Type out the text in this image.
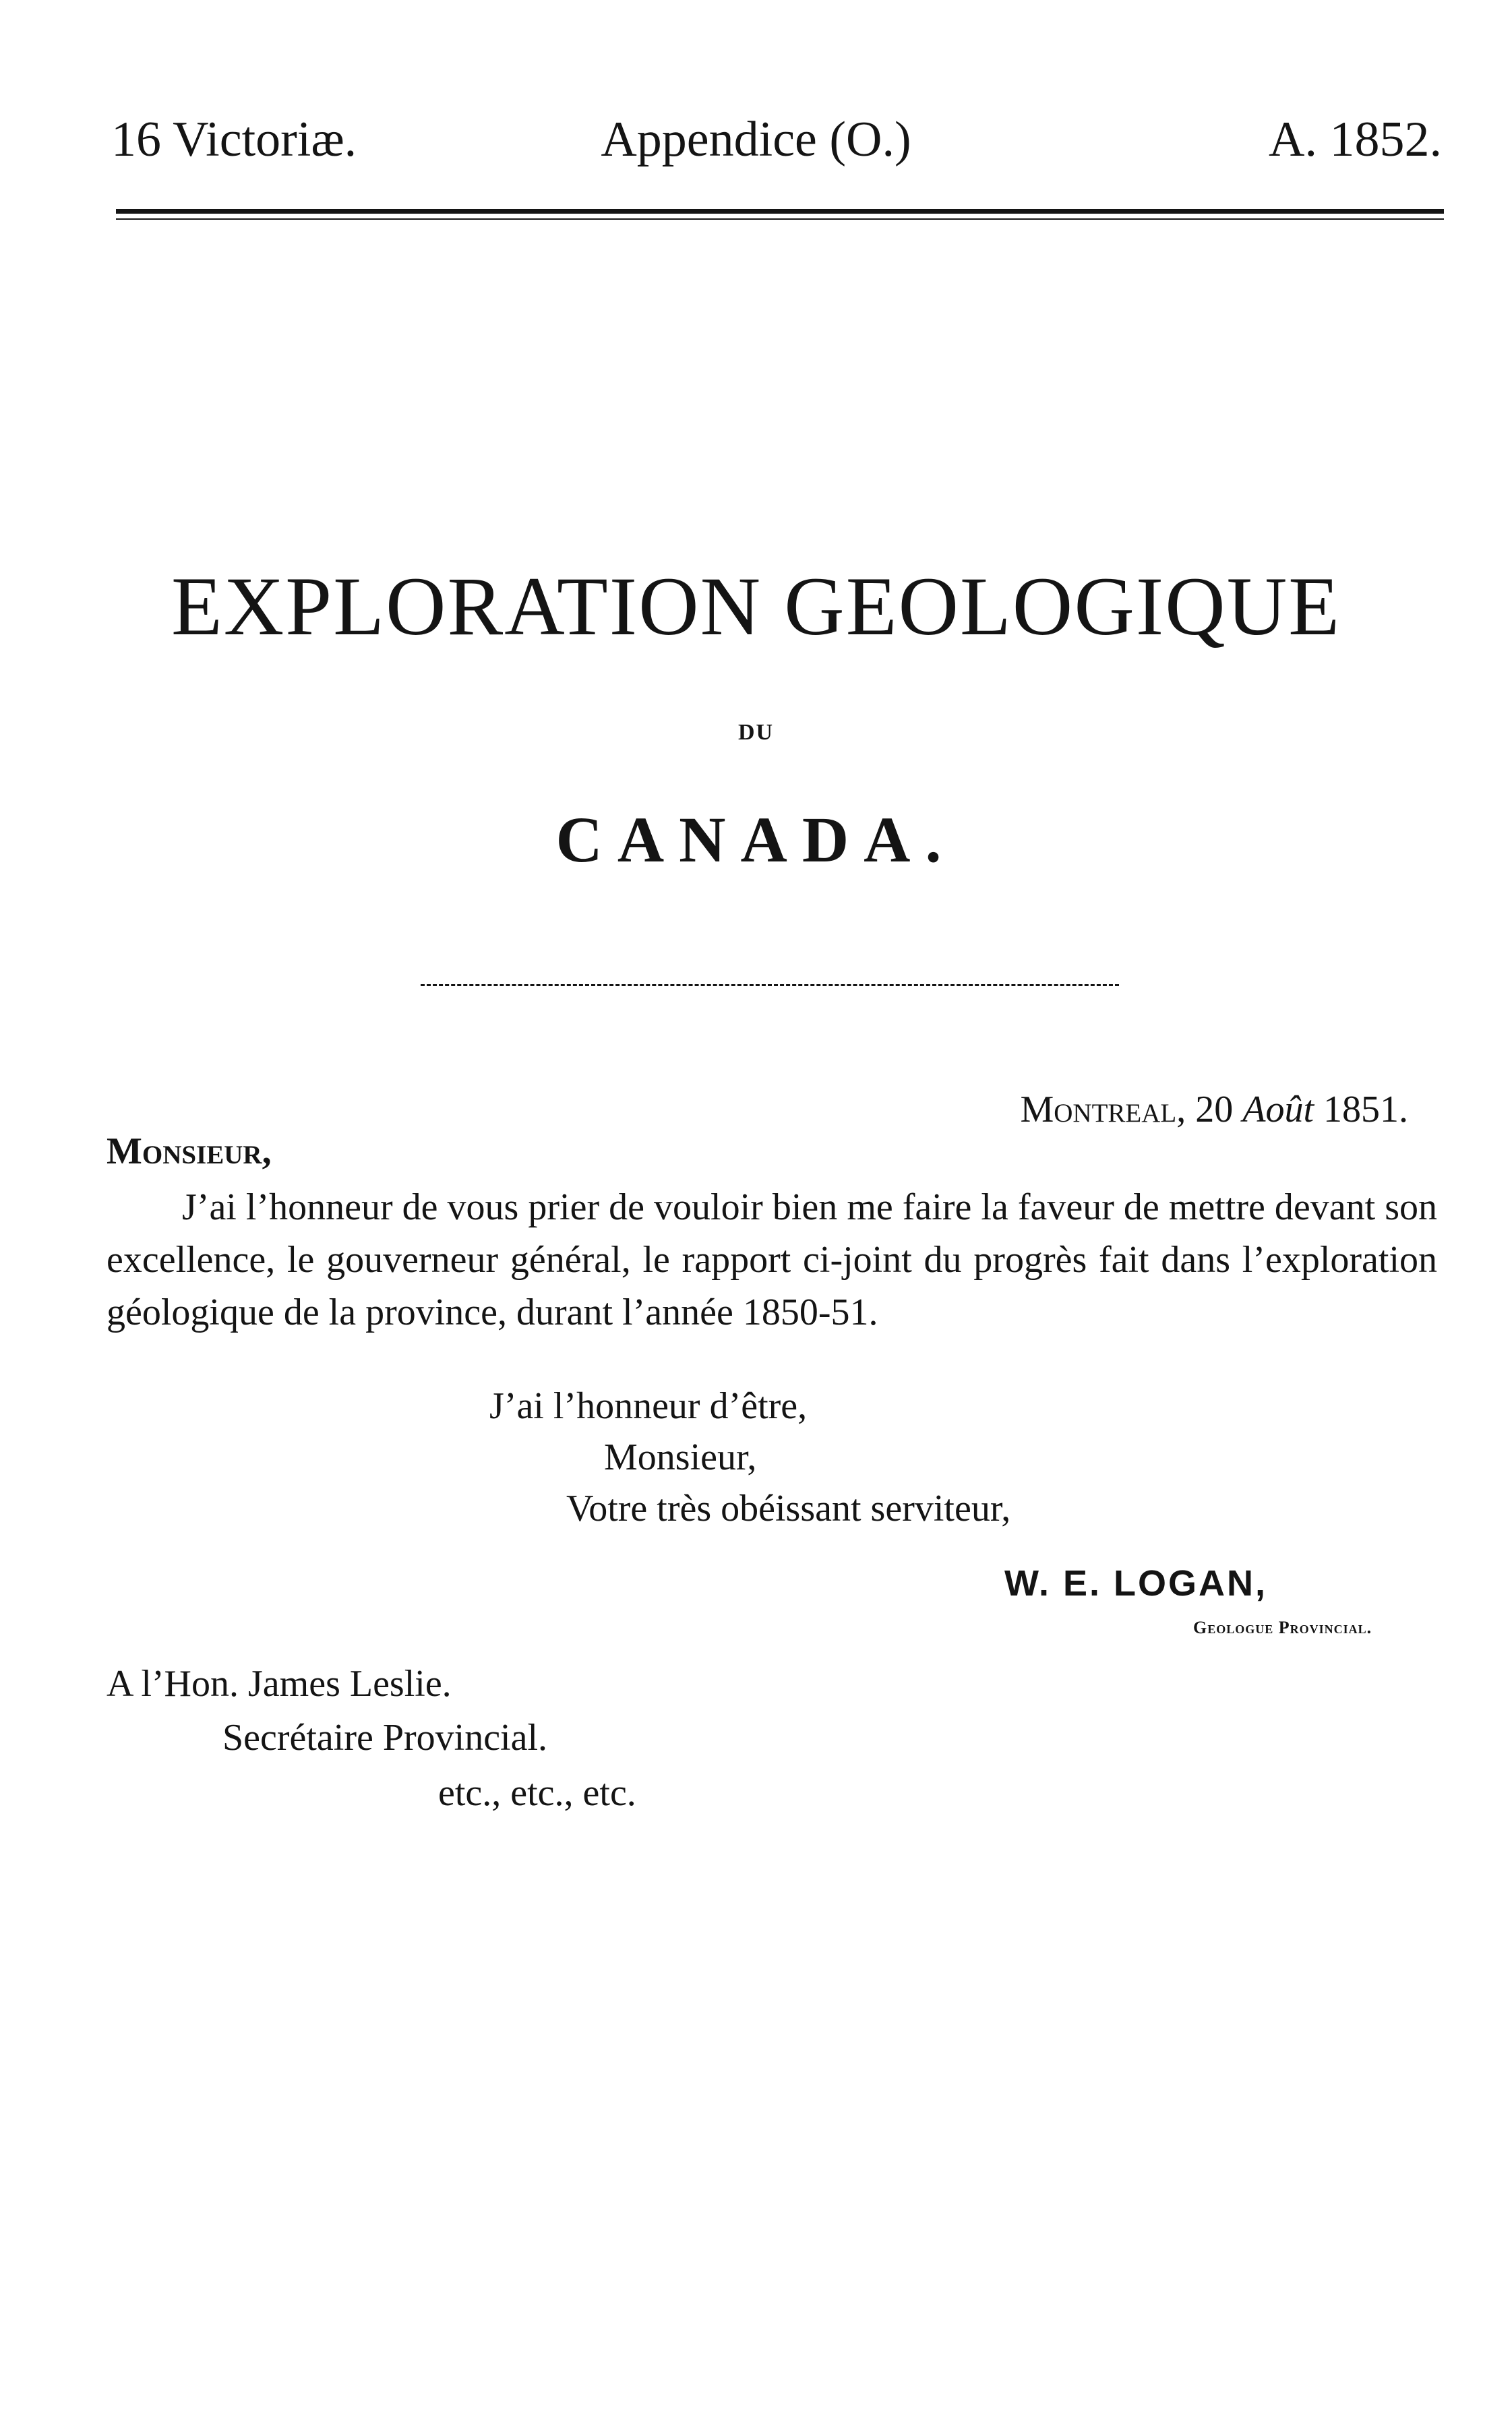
16 Victoriæ.	Appendice (O.)	A. 1852.
EXPLORATION GEOLOGIQUE
DU
CANADA.
Montreal, 20 Août 1851.
Monsieur,
J’ai l’honneur de vous prier de vouloir bien me faire la faveur de mettre devant son excellence, le gouverneur général, le rapport ci-joint du progrès fait dans l’exploration géologique de la province, durant l’année 1850-51.
J’ai l’honneur d’être,
Monsieur,
Votre très obéissant serviteur,
W. E. LOGAN,
Geologue Provincial.
A l’Hon. James Leslie.
Secrétaire Provincial.
etc., etc., etc.
